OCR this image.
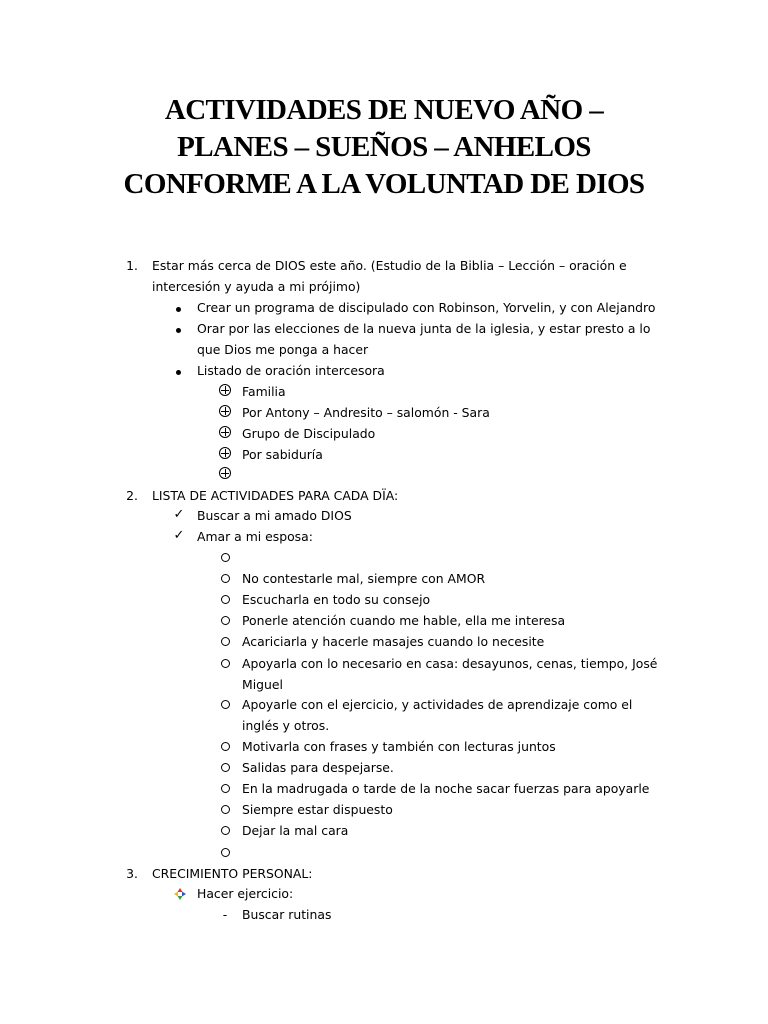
ACTIVIDADES DE NUEVO AÑO –
PLANES – SUEÑOS – ANHELOS
CONFORME A LA VOLUNTAD DE DIOS
1. Estar más cerca de DIOS este año. (Estudio de la Biblia – Lección – oración e
intercesión y ayuda a mi prójimo)
Crear un programa de discipulado con Robinson, Yorvelin, y con Alejandro
Orar por las elecciones de la nueva junta de la iglesia, y estar presto a lo
que Dios me ponga a hacer
Listado de oración intercesora
Familia
Por Antony – Andresito – salomón - Sara
Grupo de Discipulado
Por sabiduría
2. LISTA DE ACTIVIDADES PARA CADA DÏA:
✓ Buscar a mi amado DIOS
✓ Amar a mi esposa:
No contestarle mal, siempre con AMOR
Escucharla en todo su consejo
Ponerle atención cuando me hable, ella me interesa
Acariciarla y hacerle masajes cuando lo necesite
Apoyarla con lo necesario en casa: desayunos, cenas, tiempo, José
Miguel
Apoyarle con el ejercicio, y actividades de aprendizaje como el
inglés y otros.
Motivarla con frases y también con lecturas juntos
Salidas para despejarse.
En la madrugada o tarde de la noche sacar fuerzas para apoyarle
Siempre estar dispuesto
Dejar la mal cara
3. CRECIMIENTO PERSONAL:
Hacer ejercicio:
- Buscar rutinas
